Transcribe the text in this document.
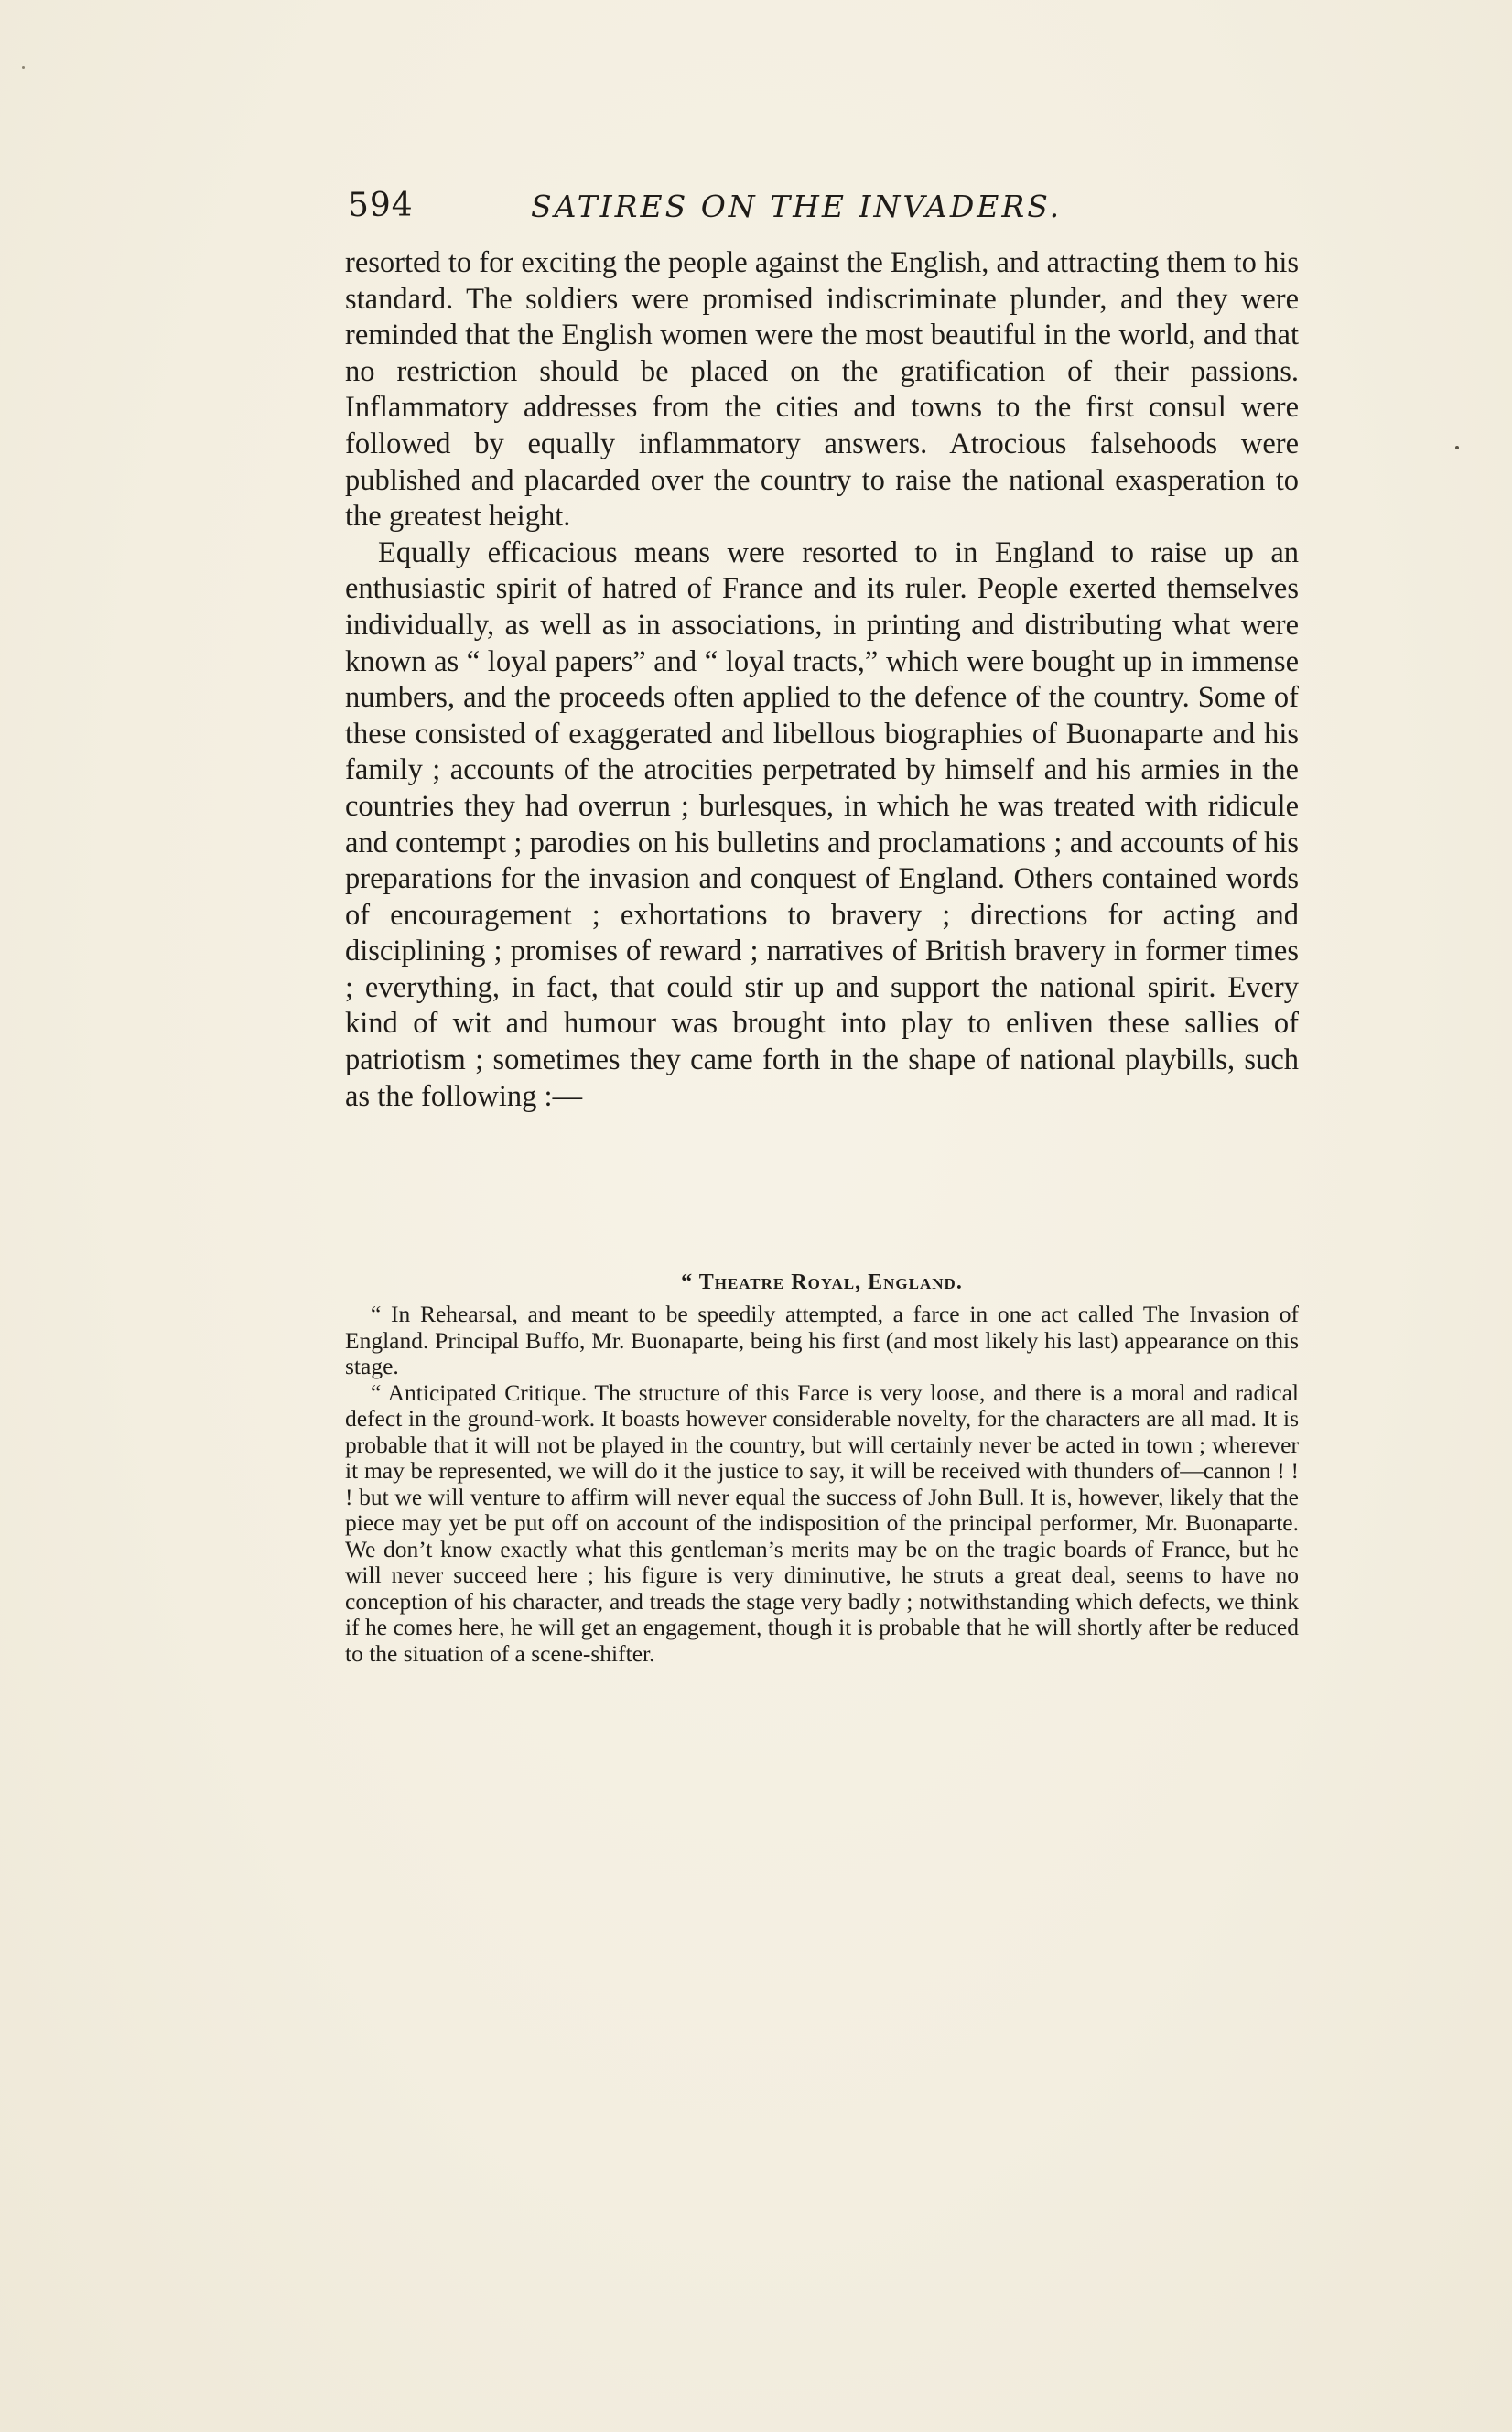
594	SATIRES ON THE INVADERS.

resorted to for exciting the people against the English, and attracting them to his standard. The soldiers were promised indiscriminate plunder, and they were reminded that the English women were the most beautiful in the world, and that no restriction should be placed on the gratification of their passions. Inflammatory addresses from the cities and towns to the first consul were followed by equally inflammatory answers. Atrocious falsehoods were published and placarded over the country to raise the national exasperation to the greatest height.

Equally efficacious means were resorted to in England to raise up an enthusiastic spirit of hatred of France and its ruler. People exerted themselves individually, as well as in associations, in printing and distributing what were known as “ loyal papers” and “ loyal tracts,” which were bought up in immense numbers, and the proceeds often applied to the defence of the country. Some of these consisted of exaggerated and libellous biographies of Buonaparte and his family ; accounts of the atrocities perpetrated by himself and his armies in the countries they had overrun ; burlesques, in which he was treated with ridicule and contempt ; parodies on his bulletins and proclamations ; and accounts of his preparations for the invasion and conquest of England. Others contained words of encouragement ; exhortations to bravery ; directions for acting and disciplining ; promises of reward ; narratives of British bravery in former times ; everything, in fact, that could stir up and support the national spirit. Every kind of wit and humour was brought into play to enliven these sallies of patriotism ; sometimes they came forth in the shape of national playbills, such as the following :—

“ Theatre Royal, England.

“ In Rehearsal, and meant to be speedily attempted, a farce in one act called The Invasion of England. Principal Buffo, Mr. Buonaparte, being his first (and most likely his last) appearance on this stage.

“ Anticipated Critique. The structure of this Farce is very loose, and there is a moral and radical defect in the ground-work. It boasts however considerable novelty, for the characters are all mad. It is probable that it will not be played in the country, but will certainly never be acted in town ; wherever it may be represented, we will do it the justice to say, it will be received with thunders of—cannon ! ! ! but we will venture to affirm will never equal the success of John Bull. It is, however, likely that the piece may yet be put off on account of the indisposition of the principal performer, Mr. Buonaparte. We don’t know exactly what this gentleman’s merits may be on the tragic boards of France, but he will never succeed here ; his figure is very diminutive, he struts a great deal, seems to have no conception of his character, and treads the stage very badly ; notwithstanding which defects, we think if he comes here, he will get an engagement, though it is probable that he will shortly after be reduced to the situation of a scene-shifter.
